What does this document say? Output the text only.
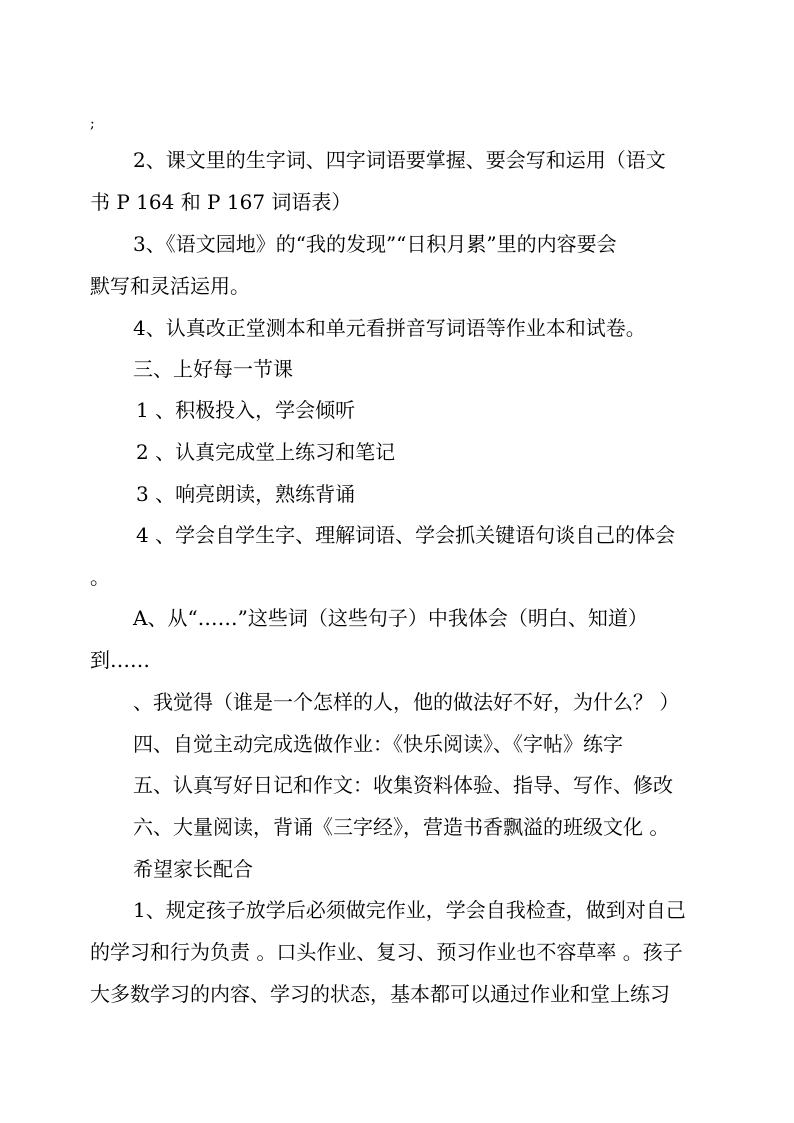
;
2、课文里的生字词、四字词语要掌握、要会写和运用（语文
书 P 164 和 P 167 词语表）
3、《语文园地》的“我的发现”“日积月累”里的内容要会
默写和灵活运用。
4、认真改正堂测本和单元看拼音写词语等作业本和试卷。
三、上好每一节课
1 、积极投入，学会倾听
2 、认真完成堂上练习和笔记
3 、响亮朗读，熟练背诵
4 、学会自学生字、理解词语、学会抓关键语句谈自己的体会
。
A、从“……”这些词（这些句子）中我体会（明白、知道）
到……
、我觉得（谁是一个怎样的人，他的做法好不好，为什么？ ）
四、自觉主动完成选做作业：《快乐阅读》、《字帖》练字
五、认真写好日记和作文：收集资料体验、指导、写作、修改
六、大量阅读，背诵《三字经》，营造书香飘溢的班级文化 。
希望家长配合
1、规定孩子放学后必须做完作业，学会自我检查，做到对自己
的学习和行为负责 。口头作业、复习、预习作业也不容草率 。孩子
大多数学习的内容、学习的状态，基本都可以通过作业和堂上练习
